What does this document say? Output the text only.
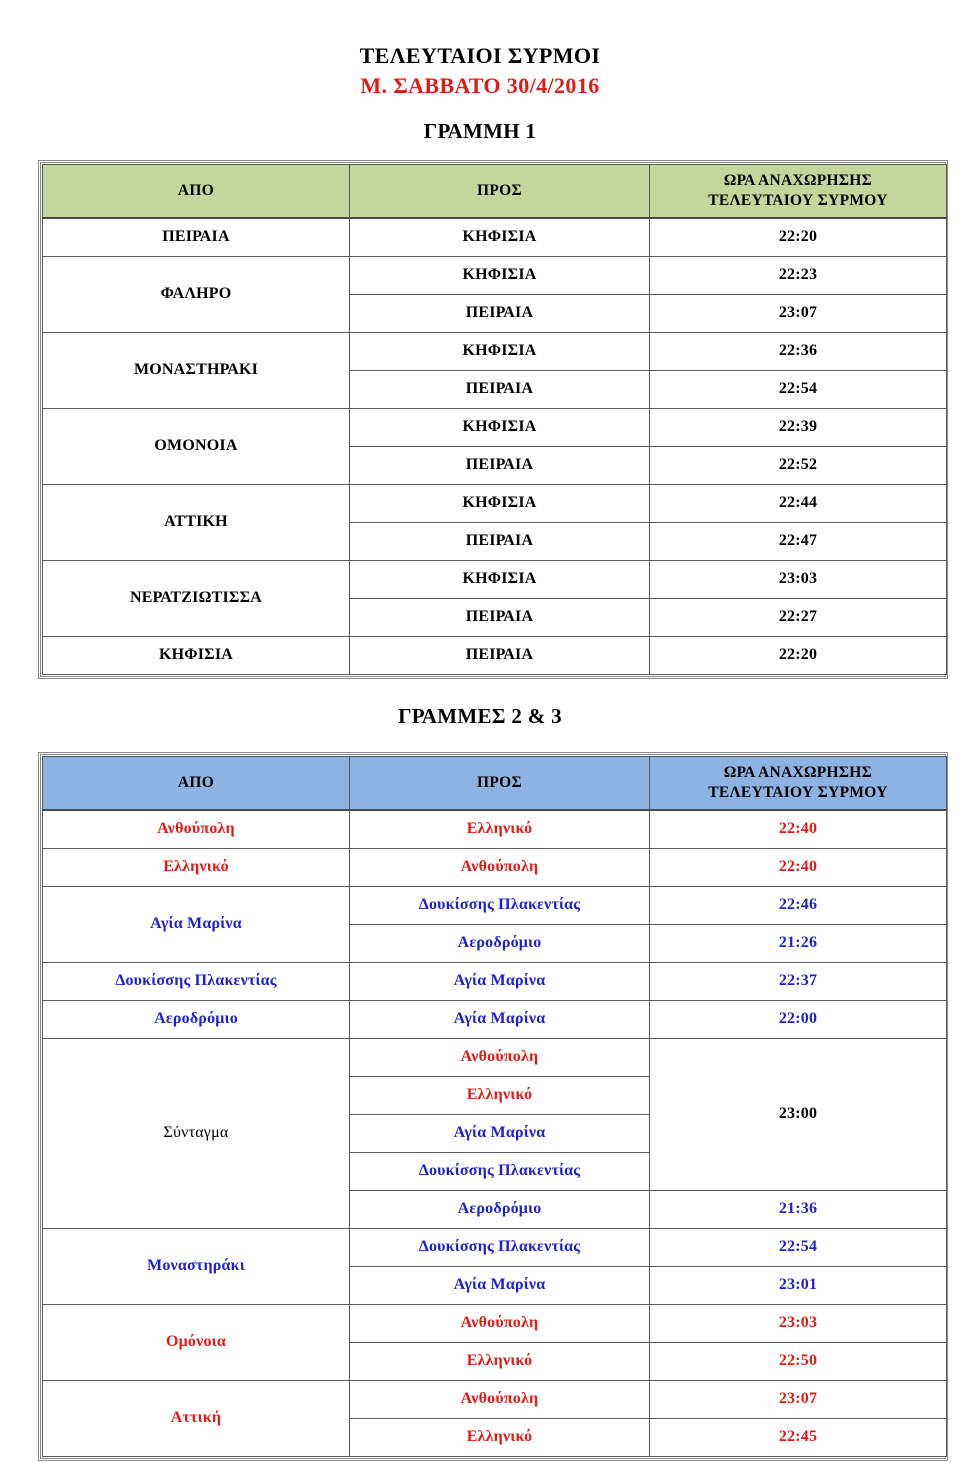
ΤΕΛΕΥΤΑΙΟΙ ΣΥΡΜΟΙ
Μ. ΣΑΒΒΑΤΟ 30/4/2016
ΓΡΑΜΜΗ 1
ΑΠΟ	ΠΡΟΣ	ΩΡΑ ΑΝΑΧΩΡΗΣΗΣ
ΤΕΛΕΥΤΑΙΟΥ ΣΥΡΜΟΥ

ΠΕΙΡΑΙΑ	ΚΗΦΙΣΙΑ	22:20
ΦΑΛΗΡΟ	ΚΗΦΙΣΙΑ	22:23
	ΠΕΙΡΑΙΑ	23:07
ΜΟΝΑΣΤΗΡΑΚΙ	ΚΗΦΙΣΙΑ	22:36
	ΠΕΙΡΑΙΑ	22:54
ΟΜΟΝΟΙΑ	ΚΗΦΙΣΙΑ	22:39
	ΠΕΙΡΑΙΑ	22:52
ΑΤΤΙΚΗ	ΚΗΦΙΣΙΑ	22:44
	ΠΕΙΡΑΙΑ	22:47
ΝΕΡΑΤΖΙΩΤΙΣΣΑ	ΚΗΦΙΣΙΑ	23:03
	ΠΕΙΡΑΙΑ	22:27
ΚΗΦΙΣΙΑ	ΠΕΙΡΑΙΑ	22:20
ΓΡΑΜΜΕΣ 2 & 3
ΑΠΟ	ΠΡΟΣ	ΩΡΑ ΑΝΑΧΩΡΗΣΗΣ
ΤΕΛΕΥΤΑΙΟΥ ΣΥΡΜΟΥ

Ανθούπολη	Ελληνικό	22:40
Ελληνικό	Ανθούπολη	22:40
Αγία Μαρίνα	Δουκίσσης Πλακεντίας	22:46
	Αεροδρόμιο	21:26
Δουκίσσης Πλακεντίας	Αγία Μαρίνα	22:37
Αεροδρόμιο	Αγία Μαρίνα	22:00
Σύνταγμα	Ανθούπολη	23:00
	Ελληνικό	
	Αγία Μαρίνα	
	Δουκίσσης Πλακεντίας	
	Αεροδρόμιο	21:36
Μοναστηράκι	Δουκίσσης Πλακεντίας	22:54
	Αγία Μαρίνα	23:01
Ομόνοια	Ανθούπολη	23:03
	Ελληνικό	22:50
Αττική	Ανθούπολη	23:07
	Ελληνικό	22:45
